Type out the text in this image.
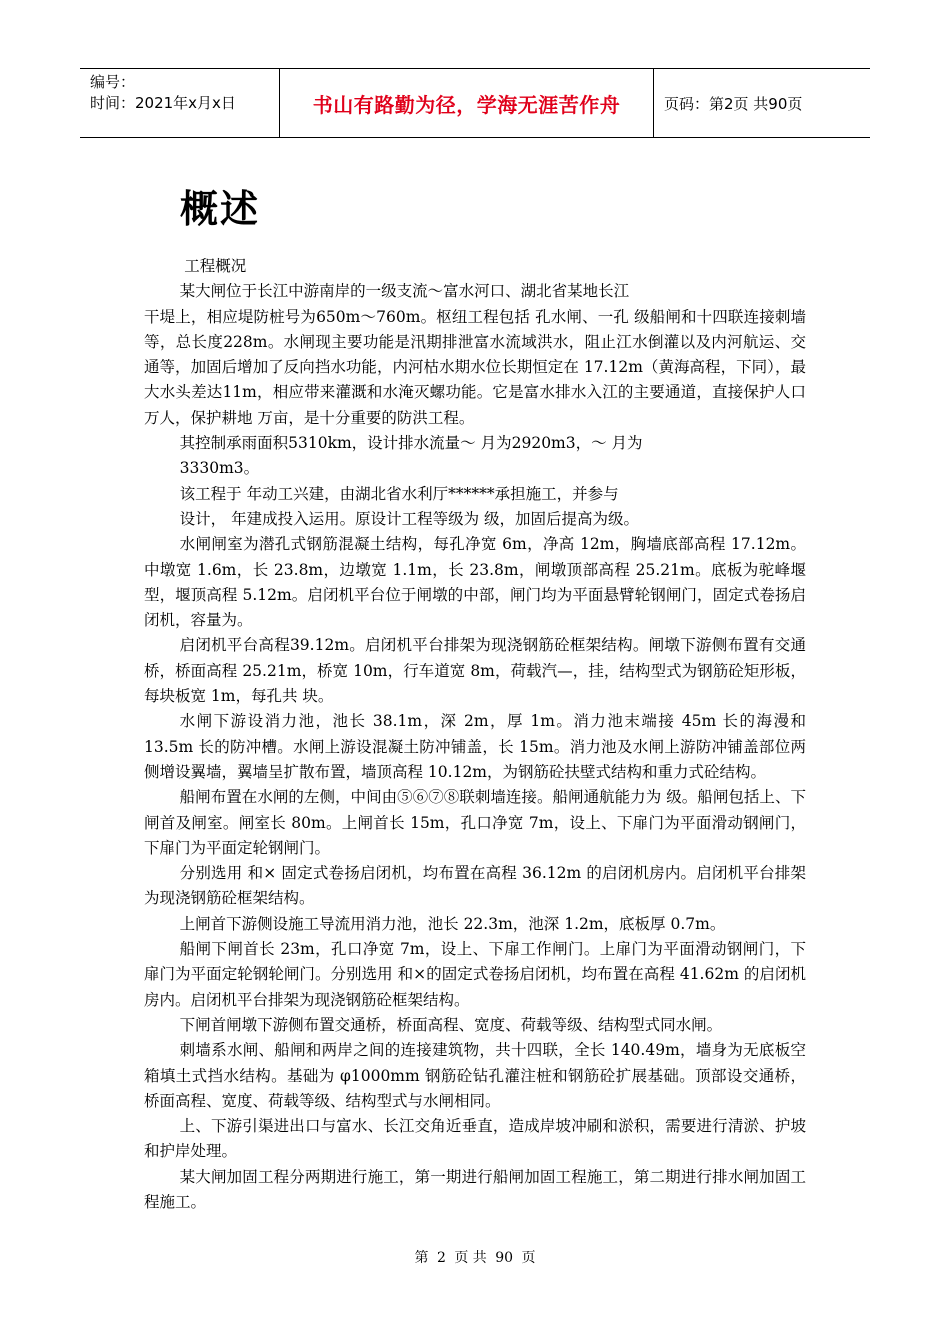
编号：
时间：2021年x月x日	书山有路勤为径，学海无涯苦作舟	页码：第2页 共90页
概述

工程概况

某大闸位于长江中游南岸的一级支流～富水河口、湖北省某地长江

干堤上，相应堤防桩号为650m～760m。枢纽工程包括 孔水闸、一孔 级船闸和十四联连接刺墙等，总长度228m。水闸现主要功能是汛期排泄富水流域洪水，阻止江水倒灌以及内河航运、交通等，加固后增加了反向挡水功能，内河枯水期水位长期恒定在 17.12m（黄海高程，下同），最大水头差达11m，相应带来灌溉和水淹灭螺功能。它是富水排水入江的主要通道，直接保护人口 万人，保护耕地 万亩，是十分重要的防洪工程。

其控制承雨面积5310km，设计排水流量～ 月为2920m3，～ 月为

3330m3。

该工程于 年动工兴建，由湖北省水利厅******承担施工，并参与

设计， 年建成投入运用。原设计工程等级为 级，加固后提高为级。

水闸闸室为潜孔式钢筋混凝土结构，每孔净宽 6m，净高 12m，胸墙底部高程 17.12m。中墩宽 1.6m，长 23.8m，边墩宽 1.1m，长 23.8m，闸墩顶部高程 25.21m。底板为驼峰堰型，堰顶高程 5.12m。启闭机平台位于闸墩的中部，闸门均为平面悬臂轮钢闸门，固定式卷扬启闭机，容量为。

启闭机平台高程39.12m。启闭机平台排架为现浇钢筋砼框架结构。闸墩下游侧布置有交通桥，桥面高程 25.21m，桥宽 10m，行车道宽 8m，荷载汽—，挂，结构型式为钢筋砼矩形板，每块板宽 1m，每孔共 块。

水闸下游设消力池，池长 38.1m，深 2m，厚 1m。消力池末端接 45m 长的海漫和 13.5m 长的防冲槽。水闸上游设混凝土防冲铺盖，长 15m。消力池及水闸上游防冲铺盖部位两侧增设翼墙，翼墙呈扩散布置，墙顶高程 10.12m，为钢筋砼扶壁式结构和重力式砼结构。

船闸布置在水闸的左侧，中间由⑤⑥⑦⑧联刺墙连接。船闸通航能力为 级。船闸包括上、下闸首及闸室。闸室长 80m。上闸首长 15m，孔口净宽 7m，设上、下扉门为平面滑动钢闸门，下扉门为平面定轮钢闸门。

分别选用 和× 固定式卷扬启闭机，均布置在高程 36.12m 的启闭机房内。启闭机平台排架为现浇钢筋砼框架结构。

上闸首下游侧设施工导流用消力池，池长 22.3m，池深 1.2m，底板厚 0.7m。

船闸下闸首长 23m，孔口净宽 7m，设上、下扉工作闸门。上扉门为平面滑动钢闸门，下扉门为平面定轮钢轮闸门。分别选用 和×的固定式卷扬启闭机，均布置在高程 41.62m 的启闭机房内。启闭机平台排架为现浇钢筋砼框架结构。

下闸首闸墩下游侧布置交通桥，桥面高程、宽度、荷载等级、结构型式同水闸。

刺墙系水闸、船闸和两岸之间的连接建筑物，共十四联，全长 140.49m，墙身为无底板空箱填土式挡水结构。基础为 φ1000mm 钢筋砼钻孔灌注桩和钢筋砼扩展基础。顶部设交通桥，桥面高程、宽度、荷载等级、结构型式与水闸相同。

上、下游引渠进出口与富水、长江交角近垂直，造成岸坡冲刷和淤积，需要进行清淤、护坡和护岸处理。

某大闸加固工程分两期进行施工，第一期进行船闸加固工程施工，第二期进行排水闸加固工程施工。

第 2 页 共 90 页
